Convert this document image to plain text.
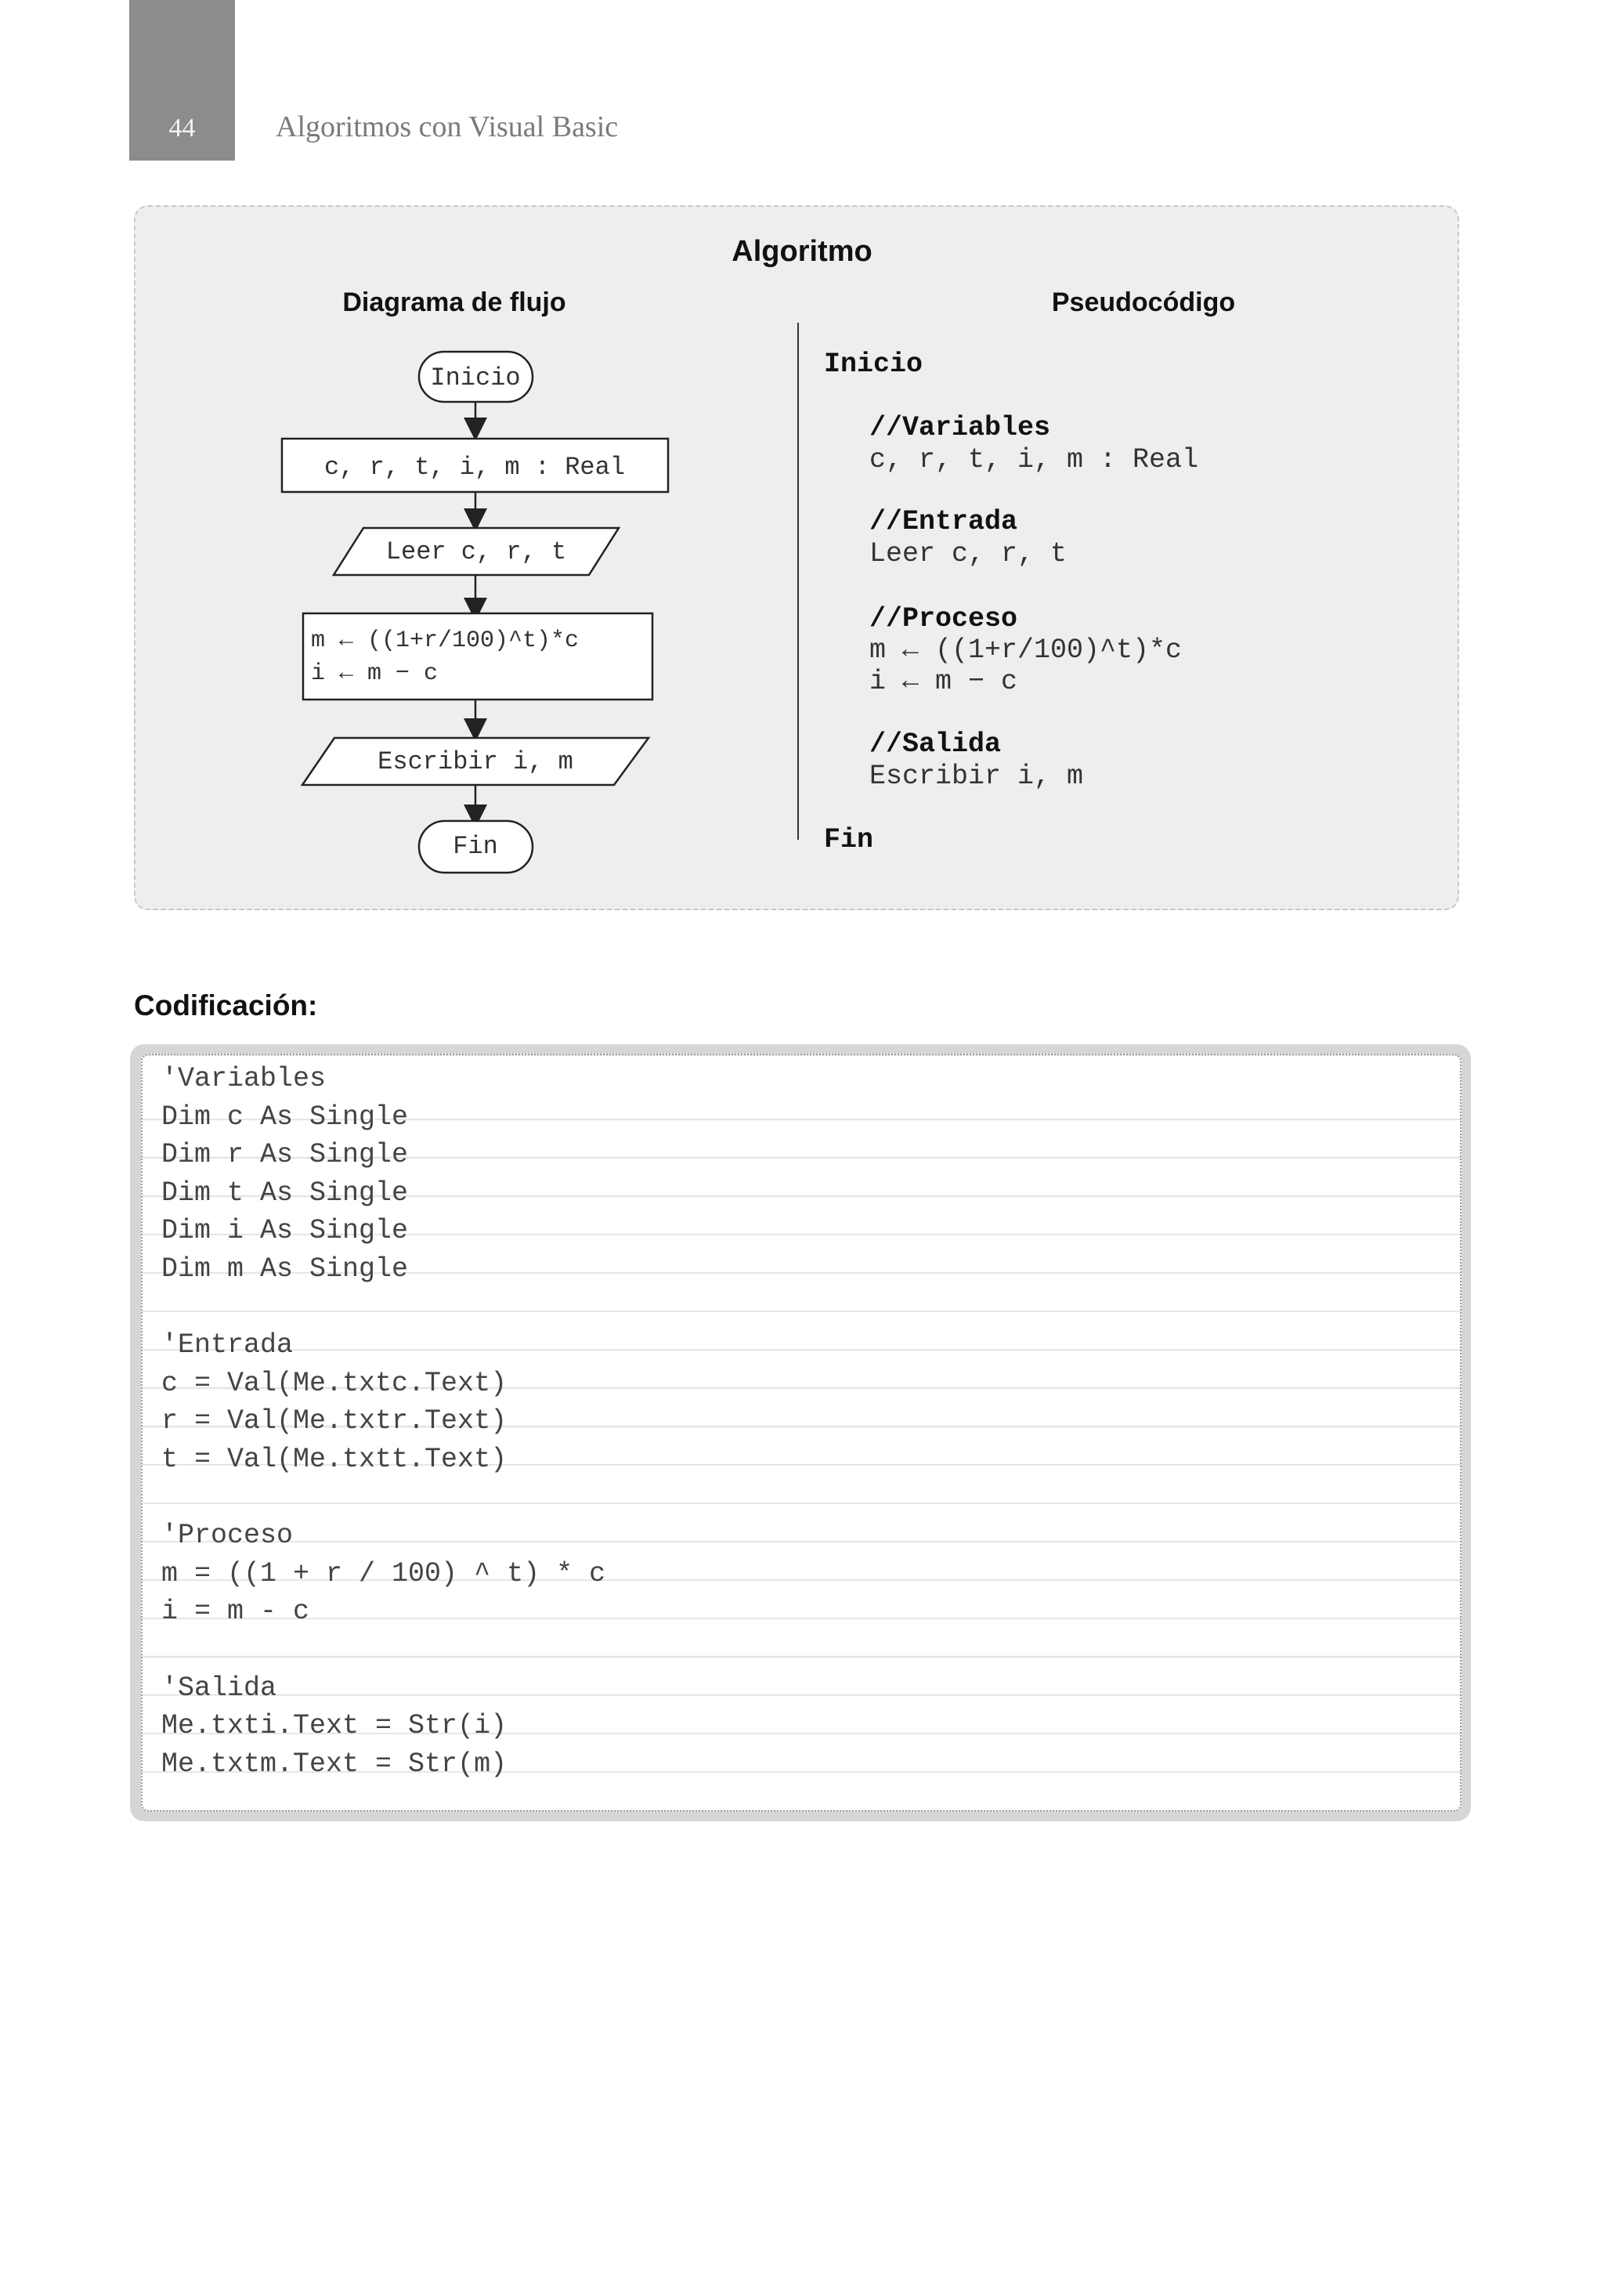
44	Algoritmos con Visual Basic
Algoritmo
Diagrama de flujo	Pseudocódigo
Inicio
c, r, t, i, m : Real
Leer c, r, t
m ← ((1+r/100)^t)*c
i ← m − c
Escribir i, m
Fin
Inicio
//Variables
c, r, t, i, m : Real
//Entrada
Leer c, r, t
//Proceso
m ← ((1+r/100)^t)*c
i ← m − c
//Salida
Escribir i, m
Fin
Codificación:
'Variables
Dim c As Single
Dim r As Single
Dim t As Single
Dim i As Single
Dim m As Single
'Entrada
c = Val(Me.txtc.Text)
r = Val(Me.txtr.Text)
t = Val(Me.txtt.Text)
'Proceso
m = ((1 + r / 100) ^ t) * c
i = m - c
'Salida
Me.txti.Text = Str(i)
Me.txtm.Text = Str(m)
